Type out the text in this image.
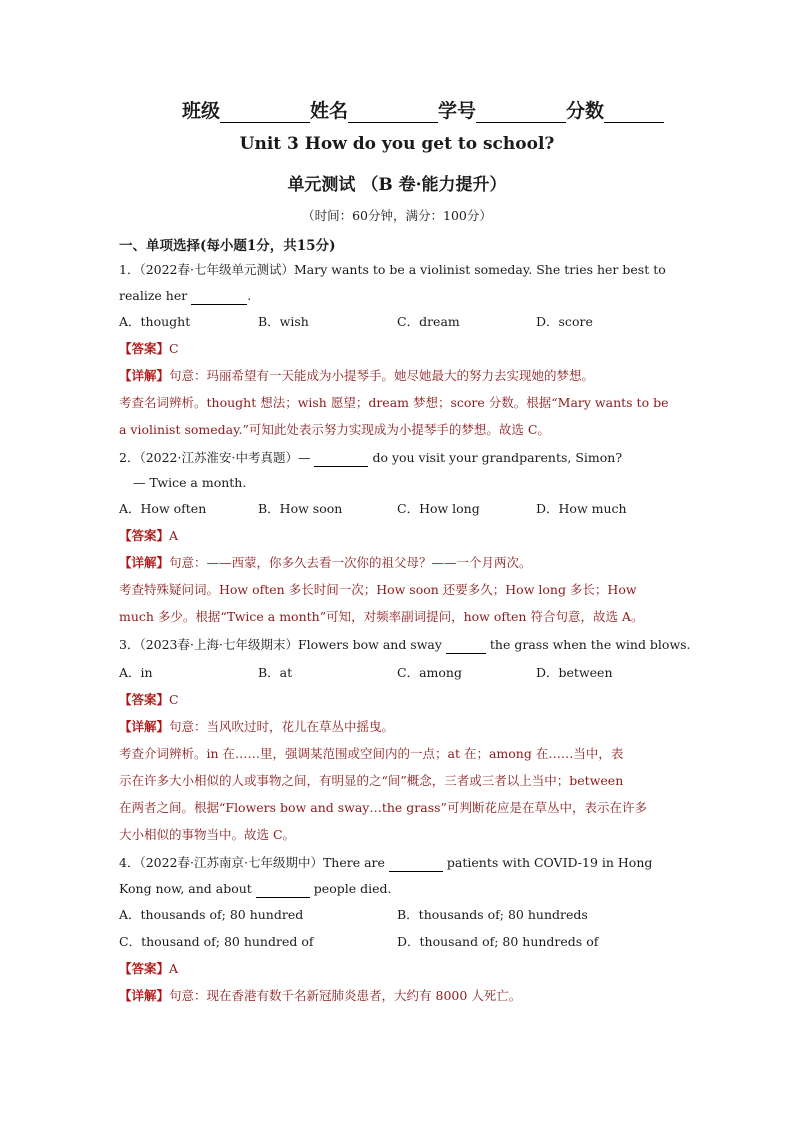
班级	姓名	学号	分数
Unit 3 How do you get to school?
单元测试 （B 卷·能力提升）
（时间：60分钟，满分：100分）
一、单项选择(每小题1分，共15分)
1．（2022春·七年级单元测试）Mary wants to be a violinist someday. She tries her best to
realize her	.
A．thought	B．wish	C．dream	D．score
【答案】C
【详解】句意：玛丽希望有一天能成为小提琴手。她尽她最大的努力去实现她的梦想。
考查名词辨析。thought 想法；wish 愿望；dream 梦想；score 分数。根据“Mary wants to be
a violinist someday.”可知此处表示努力实现成为小提琴手的梦想。故选 C。
2．（2022·江苏淮安·中考真题）—	do you visit your grandparents, Simon?
— Twice a month.
A．How often	B．How soon	C．How long	D．How much
【答案】A
【详解】句意：——西蒙，你多久去看一次你的祖父母？——一个月两次。
考查特殊疑问词。How often 多长时间一次；How soon 还要多久；How long 多长；How
much 多少。根据“Twice a month”可知，对频率副词提问，how often 符合句意，故选 A。
3．（2023春·上海·七年级期末）Flowers bow and sway	the grass when the wind blows.
A．in	B．at	C．among	D．between
【答案】C
【详解】句意：当风吹过时，花儿在草丛中摇曳。
考查介词辨析。in 在……里，强调某范围或空间内的一点；at 在；among 在……当中，表
示在许多大小相似的人或事物之间，有明显的之“间”概念，三者或三者以上当中；between
在两者之间。根据“Flowers bow and sway…the grass”可判断花应是在草丛中，表示在许多
大小相似的事物当中。故选 C。
4．（2022春·江苏南京·七年级期中）There are	patients with COVID-19 in Hong
Kong now, and about	people died.
A．thousands of; 80 hundred	B．thousands of; 80 hundreds
C．thousand of; 80 hundred of	D．thousand of; 80 hundreds of
【答案】A
【详解】句意：现在香港有数千名新冠肺炎患者，大约有 8000 人死亡。
